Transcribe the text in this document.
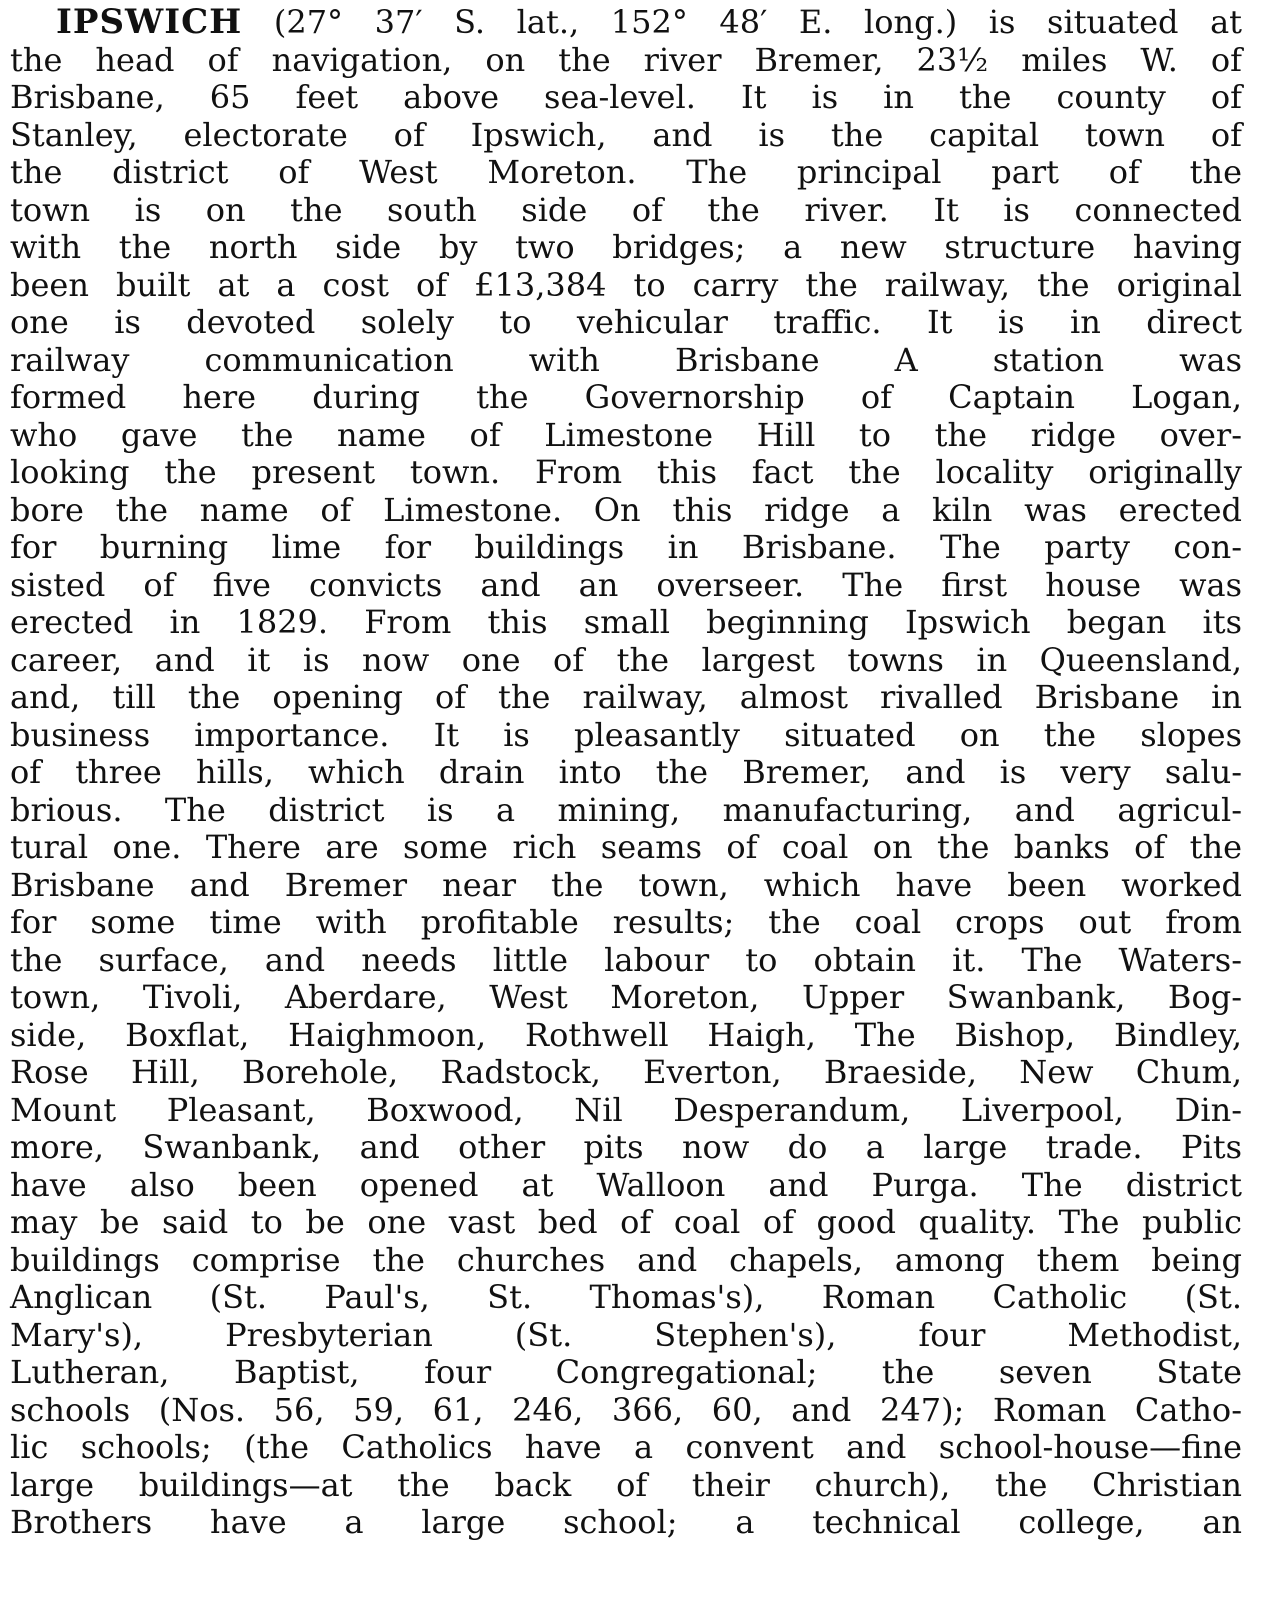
IPSWICH (27° 37′ S. lat., 152° 48′ E. long.) is situated at
the head of navigation, on the river Bremer, 23½ miles W. of
Brisbane, 65 feet above sea-level. It is in the county of
Stanley, electorate of Ipswich, and is the capital town of
the district of West Moreton. The principal part of the
town is on the south side of the river. It is connected
with the north side by two bridges; a new structure having
been built at a cost of £13,384 to carry the railway, the original
one is devoted solely to vehicular traffic. It is in direct
railway communication with Brisbane A station was
formed here during the Governorship of Captain Logan,
who gave the name of Limestone Hill to the ridge over-
looking the present town. From this fact the locality originally
bore the name of Limestone. On this ridge a kiln was erected
for burning lime for buildings in Brisbane. The party con-
sisted of five convicts and an overseer. The first house was
erected in 1829. From this small beginning Ipswich began its
career, and it is now one of the largest towns in Queensland,
and, till the opening of the railway, almost rivalled Brisbane in
business importance. It is pleasantly situated on the slopes
of three hills, which drain into the Bremer, and is very salu-
brious. The district is a mining, manufacturing, and agricul-
tural one. There are some rich seams of coal on the banks of the
Brisbane and Bremer near the town, which have been worked
for some time with profitable results; the coal crops out from
the surface, and needs little labour to obtain it. The Waters-
town, Tivoli, Aberdare, West Moreton, Upper Swanbank, Bog-
side, Boxflat, Haighmoon, Rothwell Haigh, The Bishop, Bindley,
Rose Hill, Borehole, Radstock, Everton, Braeside, New Chum,
Mount Pleasant, Boxwood, Nil Desperandum, Liverpool, Din-
more, Swanbank, and other pits now do a large trade. Pits
have also been opened at Walloon and Purga. The district
may be said to be one vast bed of coal of good quality. The public
buildings comprise the churches and chapels, among them being
Anglican (St. Paul's, St. Thomas's), Roman Catholic (St.
Mary's), Presbyterian (St. Stephen's), four Methodist,
Lutheran, Baptist, four Congregational; the seven State
schools (Nos. 56, 59, 61, 246, 366, 60, and 247); Roman Catho-
lic schools; (the Catholics have a convent and school-house—fine
large buildings—at the back of their church), the Christian
Brothers have a large school; a technical college, an
